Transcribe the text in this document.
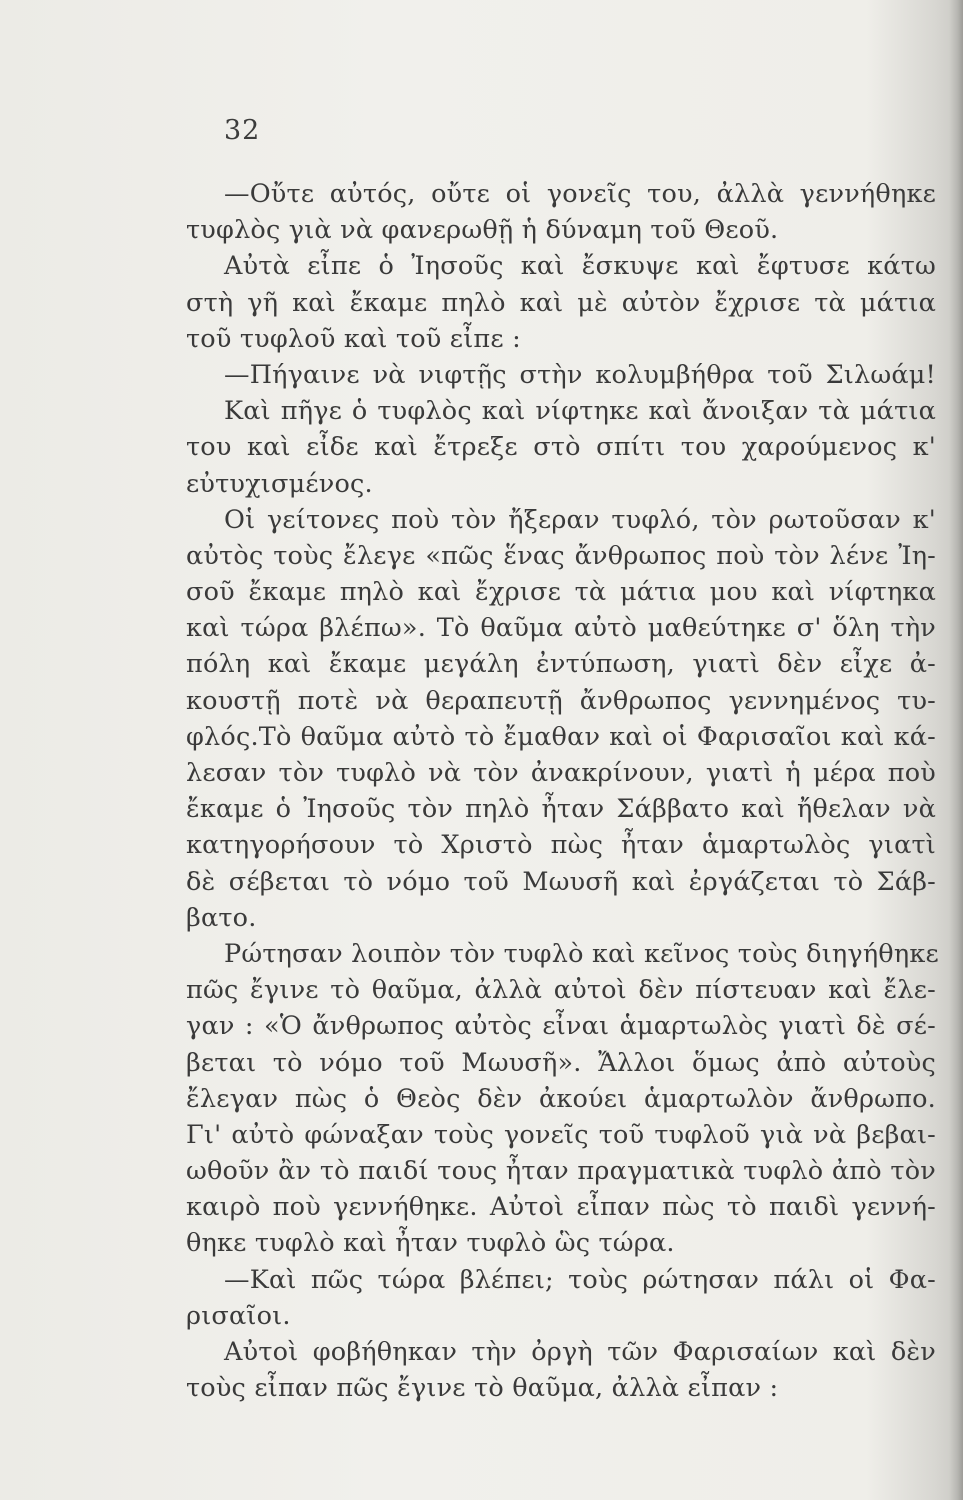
32
—Οὔτε αὐτός, οὔτε οἱ γονεῖς του, ἀλλὰ γεννήθηκε
τυφλὸς γιὰ νὰ φανερωθῇ ἡ δύναμη τοῦ Θεοῦ.
Αὐτὰ εἶπε ὁ Ἰησοῦς καὶ ἔσκυψε καὶ ἔφτυσε κάτω
στὴ γῆ καὶ ἔκαμε πηλὸ καὶ μὲ αὐτὸν ἔχρισε τὰ μάτια
τοῦ τυφλοῦ καὶ τοῦ εἶπε :
—Πήγαινε νὰ νιφτῇς στὴν κολυμβήθρα τοῦ Σιλωάμ!
Καὶ πῆγε ὁ τυφλὸς καὶ νίφτηκε καὶ ἄνοιξαν τὰ μάτια
του καὶ εἶδε καὶ ἔτρεξε στὸ σπίτι του χαρούμενος κ'
εὐτυχισμένος.
Οἱ γείτονες ποὺ τὸν ἤξεραν τυφλό, τὸν ρωτοῦσαν κ'
αὐτὸς τοὺς ἔλεγε «πῶς ἕνας ἄνθρωπος ποὺ τὸν λένε Ἰη-
σοῦ ἔκαμε πηλὸ καὶ ἔχρισε τὰ μάτια μου καὶ νίφτηκα
καὶ τώρα βλέπω». Τὸ θαῦμα αὐτὸ μαθεύτηκε σ' ὅλη τὴν
πόλη καὶ ἔκαμε μεγάλη ἐντύπωση, γιατὶ δὲν εἶχε ἀ-
κουστῇ ποτὲ νὰ θεραπευτῇ ἄνθρωπος γεννημένος τυ-
φλός.Τὸ θαῦμα αὐτὸ τὸ ἔμαθαν καὶ οἱ Φαρισαῖοι καὶ κά-
λεσαν τὸν τυφλὸ νὰ τὸν ἀνακρίνουν, γιατὶ ἡ μέρα ποὺ
ἔκαμε ὁ Ἰησοῦς τὸν πηλὸ ἦταν Σάββατο καὶ ἤθελαν νὰ
κατηγορήσουν τὸ Χριστὸ πὼς ἦταν ἁμαρτωλὸς γιατὶ
δὲ σέβεται τὸ νόμο τοῦ Μωυσῆ καὶ ἐργάζεται τὸ Σάβ-
βατο.
Ρώτησαν λοιπὸν τὸν τυφλὸ καὶ κεῖνος τοὺς διηγήθηκε
πῶς ἔγινε τὸ θαῦμα, ἀλλὰ αὐτοὶ δὲν πίστευαν καὶ ἔλε-
γαν : «Ὁ ἄνθρωπος αὐτὸς εἶναι ἁμαρτωλὸς γιατὶ δὲ σέ-
βεται τὸ νόμο τοῦ Μωυσῆ». Ἄλλοι ὅμως ἀπὸ αὐτοὺς
ἔλεγαν πὼς ὁ Θεὸς δὲν ἀκούει ἁμαρτωλὸν ἄνθρωπο.
Γι' αὐτὸ φώναξαν τοὺς γονεῖς τοῦ τυφλοῦ γιὰ νὰ βεβαι-
ωθοῦν ἂν τὸ παιδί τους ἦταν πραγματικὰ τυφλὸ ἀπὸ τὸν
καιρὸ ποὺ γεννήθηκε. Αὐτοὶ εἶπαν πὼς τὸ παιδὶ γεννή-
θηκε τυφλὸ καὶ ἦταν τυφλὸ ὣς τώρα.
—Καὶ πῶς τώρα βλέπει; τοὺς ρώτησαν πάλι οἱ Φα-
ρισαῖοι.
Αὐτοὶ φοβήθηκαν τὴν ὀργὴ τῶν Φαρισαίων καὶ δὲν
τοὺς εἶπαν πῶς ἔγινε τὸ θαῦμα, ἀλλὰ εἶπαν :
